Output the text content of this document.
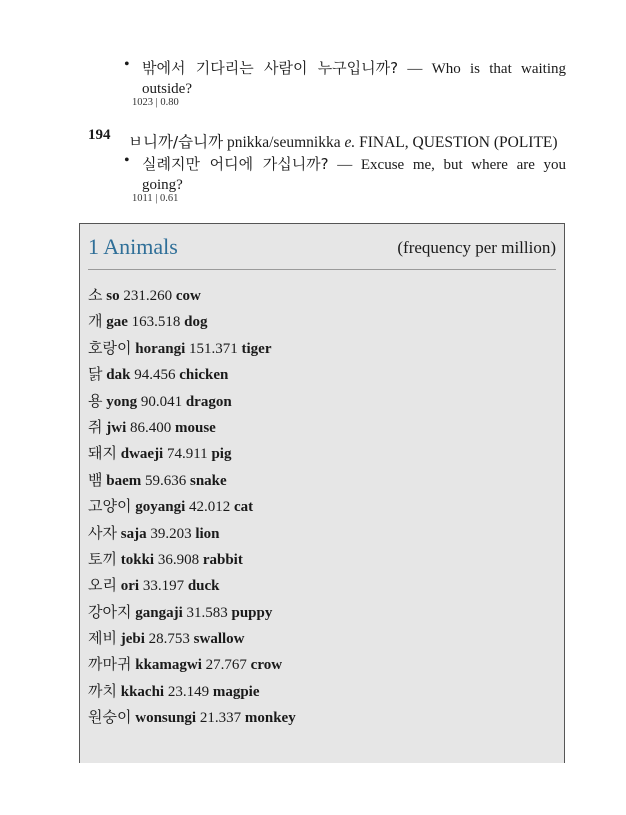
• 밖에서 기다리는 사람이 누구입니까? — Who is that waiting outside?
1023 | 0.80
194 ㅂ니까/습니까 pnikka/seumnikka e. FINAL, QUESTION (POLITE)
• 실례지만 어디에 가십니까? — Excuse me, but where are you going?
1011 | 0.61
1 Animals	(frequency per million)
소 so 231.260 cow
개 gae 163.518 dog
호랑이 horangi 151.371 tiger
닭 dak 94.456 chicken
용 yong 90.041 dragon
쥐 jwi 86.400 mouse
돼지 dwaeji 74.911 pig
뱀 baem 59.636 snake
고양이 goyangi 42.012 cat
사자 saja 39.203 lion
토끼 tokki 36.908 rabbit
오리 ori 33.197 duck
강아지 gangaji 31.583 puppy
제비 jebi 28.753 swallow
까마귀 kkamagwi 27.767 crow
까치 kkachi 23.149 magpie
원숭이 wonsungi 21.337 monkey
